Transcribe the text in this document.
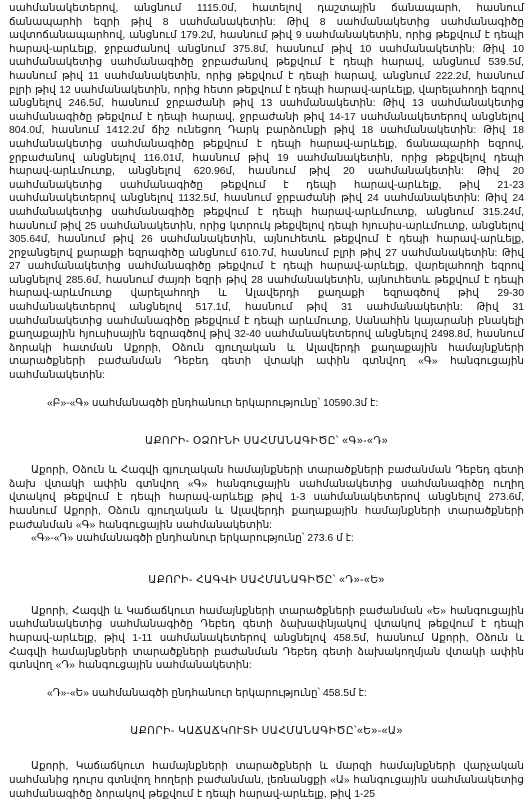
սահմանակետերով, անցնում 1115.0մ, հատելով դաշտային ճանապարհ, հասնում ճանապարհի եզրի թիվ 8 սահմանակետին: Թիվ 8 սահմանակետից սահմանագիծը ավտոճանապարհով, անցնում 179.2մ, հասնում թիվ 9 սահմանակետին, որից թեքվում է դեպի հարավ-արևելք, ջրբաժանով անցնում 375.8մ, հասնում թիվ 10 սահմանակետին: Թիվ 10 սահմանակետից սահմանագիծը ջրբաժանով թեքվում է դեպի հարավ, անցնում 539.5մ, հասնում թիվ 11 սահմանակետին, որից թեքվում է դեպի հարավ, անցնում 222.2մ, հասնում բլրի թիվ 12 սահմանակետին, որից հետո թեքվում է դեպի հարավ-արևելք, վարելահողի եզրով անցնելով 246.5մ, հասնում ջրբաժանի թիվ 13 սահմանակետին: Թիվ 13 սահմանակետից սահմանագիծը թեքվում է դեպի հարավ, ջրբաժանի թիվ 14-17 սահմանակետերով անցնելով 804.0մ, հասնում 1412.2մ ճիշ ունեցող Դարկ բարձունքի թիվ 18 սահմանակետին: Թիվ 18 սահմանակետից սահմանագիծը թեքվում է դեպի հարավ-արևելք, ճանապարհի եզրով, ջրբաժանով անցնելով 116.01մ, հասնում թիվ 19 սահմանակետին, որից թեքվելով դեպի հարավ-արևմուտք, անցնելով 620.96մ, հասնում թիվ 20 սահմանակետին: Թիվ 20 սահմանակետից սահմանագիծը թեքվում է դեպի հարավ-արևելք, թիվ 21-23 սահմանակետերով անցնելով 1132.5մ, հասնում ջրբաժանի թիվ 24 սահմանակետին: Թիվ 24 սահմանակետից սահմանագիծը թեքվում է դեպի հարավ-արևմուտք, անցնում 315.24մ, հասնում թիվ 25 սահմանակետին, որից կտրուկ թեքվելով դեպի հյուսիս-արևմուտք, անցնելով 305.64մ, հասնում թիվ 26 սահմանակետին, այնուհետև թեքվում է դեպի հարավ-արևելք, շրջանցելով քարաքի եզրագիծը անցնում 610.7մ, հասնում բլրի թիվ 27 սահմանակետին: Թիվ 27 սահմանակետից սահմանագիծը թեքվում է դեպի հարավ-արևելք, վարելահողի եզրով անցնելով 285.6մ, հասնում ժայռի եզրի թիվ 28 սահմանակետին, այնուհետև թեքվում է դեպի հարավ-արևմուտք վարելահողի և Ալավերդի քաղաքի եզրագծով թիվ 29-30 սահմանակետերով անցնելով 517.1մ, հասնում թիվ 31 սահմանակետին: Թիվ 31 սահմանակետից սահմանագիծը թեքվում է դեպի արևմուտք, Սանահին կայարանի բնակելի քաղաքային հյուսիսային եզրագծով թիվ 32-40 սահմանակետերով անցնելով 2498.8մ, հասնում ձորակի հատման Աքորի, Օձուն գյուղական և Ալավերդի քաղաքային համայնքների տարածքների բաժանման Դեբեդ գետի վտակի ափին գտնվող «Գ» հանգուցային սահմանակետին:

«Բ»-«Գ» սահմանագծի ընդհանուր երկարությունը՝ 10590.3մ է:

ԱՔՈՐԻ- ՕՁՈՒՆԻ ՍԱՀՄԱՆԱԳԻԾԸ՝ «Գ»-«Դ»

Աքորի, Օձուն և Հագվի գյուղական համայնքների տարածքների բաժանման Դեբեդ գետի ձախ վտակի ափին գտնվող «Գ» հանգուցային սահմանակետից սահմանագիծը ուղիղ վտակով թեքվում է դեպի հարավ-արևելք թիվ 1-3 սահմանակետերով անցնելով 273.6մ, հասնում Աքորի, Օձուն գյուղական և Ալավերդի քաղաքային համայնքների տարածքների բաժանման «Գ» հանգուցային սահմանակետին:

«Գ»-«Դ» սահմանագծի ընդհանուր երկարությունը՝ 273.6 մ է:

ԱՔՈՐԻ- ՀԱԳՎԻ ՍԱՀՄԱՆԱԳԻԾԸ՝ «Դ»-«Ե»

Աքորի, Հագվի և Կաճաճկուտ համայնքների տարածքների բաժանման «Ե» հանգուցային սահմանակետից սահմանագիծը Դեբեդ գետի ձախափնյակով վտակով թեքվում է դեպի հարավ-արևելք, թիվ 1-11 սահմանակետերով անցնելով 458.5մ, հասնում Աքորի, Օձուն և Հագվի համայնքների տարածքների բաժանման Դեբեդ գետի ձախակողմյան վտակի ափին գտնվող «Դ» հանգուցային սահմանակետին:

«Դ»-«Ե» սահմանագծի ընդհանուր երկարությունը՝ 458.5մ է:

ԱՔՈՐԻ- ԿԱՃԱՃԿՈՒՏԻ ՍԱՀՄԱՆԱԳԻԾԸ՝«Ե»-«Ա»

Աքորի, Կաճաճկուտ համայնքների տարածքների և մարզի համայնքների վարչական սահմանից դուրս գտնվող հողերի բաժանման, լեռնանցքի «Ա» հանգուցային սահմանակետից սահմանագիծը ձորակով թեքվում է դեպի հարավ-արևելք, թիվ 1-25
